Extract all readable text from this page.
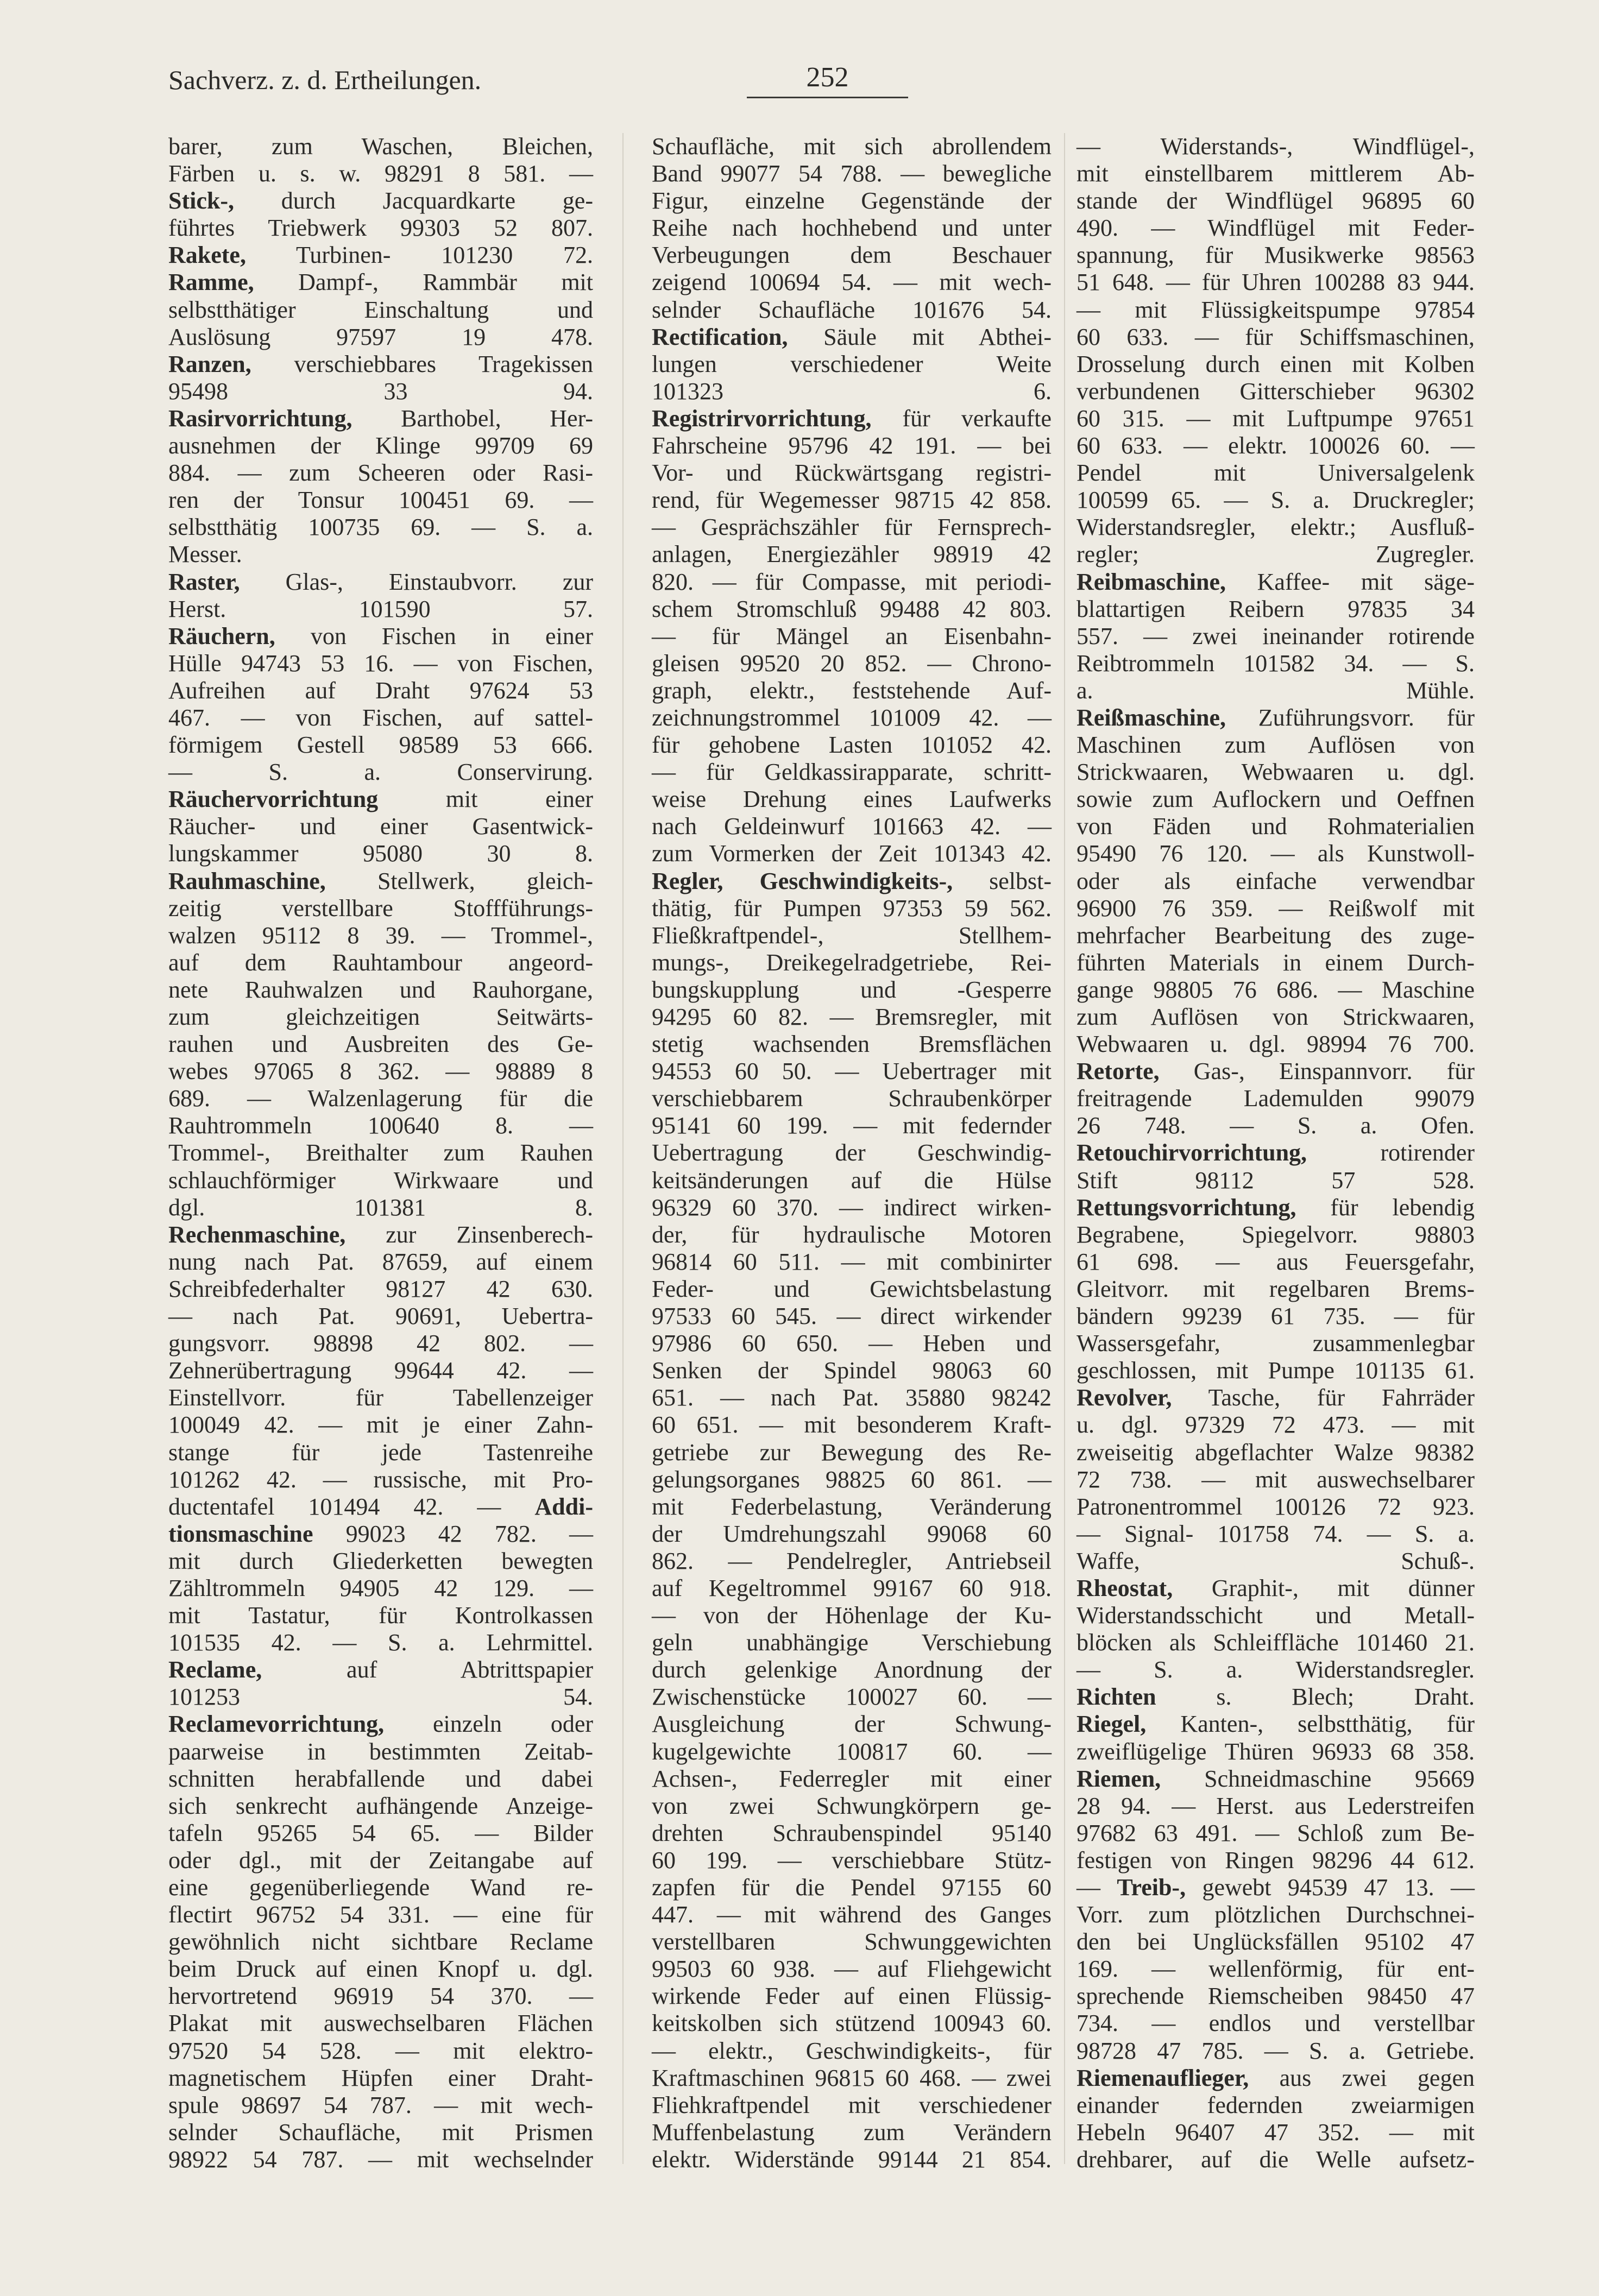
Sachverz. z. d. Ertheilungen.	252
barer, zum Waschen, Bleichen,
Färben u. s. w. 98291 8 581. —
Stick-, durch Jacquardkarte ge-
führtes Triebwerk 99303 52 807.
Rakete, Turbinen- 101230 72.
Ramme, Dampf-, Rammbär mit
selbstthätiger Einschaltung und
Auslösung 97597 19 478.
Ranzen, verschiebbares Tragekissen
95498 33 94.
Rasirvorrichtung, Barthobel, Her-
ausnehmen der Klinge 99709 69
884. — zum Scheeren oder Rasi-
ren der Tonsur 100451 69. —
selbstthätig 100735 69. — S. a.
Messer.
Raster, Glas-, Einstaubvorr. zur
Herst. 101590 57.
Räuchern, von Fischen in einer
Hülle 94743 53 16. — von Fischen,
Aufreihen auf Draht 97624 53
467. — von Fischen, auf sattel-
förmigem Gestell 98589 53 666.
— S. a. Conservirung.
Räuchervorrichtung mit einer
Räucher- und einer Gasentwick-
lungskammer 95080 30 8.
Rauhmaschine, Stellwerk, gleich-
zeitig verstellbare Stoffführungs-
walzen 95112 8 39. — Trommel-,
auf dem Rauhtambour angeord-
nete Rauhwalzen und Rauhorgane,
zum gleichzeitigen Seitwärts-
rauhen und Ausbreiten des Ge-
webes 97065 8 362. — 98889 8
689. — Walzenlagerung für die
Rauhtrommeln 100640 8. —
Trommel-, Breithalter zum Rauhen
schlauchförmiger Wirkwaare und
dgl. 101381 8.
Rechenmaschine, zur Zinsenberech-
nung nach Pat. 87659, auf einem
Schreibfederhalter 98127 42 630.
— nach Pat. 90691, Uebertra-
gungsvorr. 98898 42 802. —
Zehnerübertragung 99644 42. —
Einstellvorr. für Tabellenzeiger
100049 42. — mit je einer Zahn-
stange für jede Tastenreihe
101262 42. — russische, mit Pro-
ductentafel 101494 42. — Addi-
tionsmaschine 99023 42 782. —
mit durch Gliederketten bewegten
Zähltrommeln 94905 42 129. —
mit Tastatur, für Kontrolkassen
101535 42. — S. a. Lehrmittel.
Reclame, auf Abtrittspapier
101253 54.
Reclamevorrichtung, einzeln oder
paarweise in bestimmten Zeitab-
schnitten herabfallende und dabei
sich senkrecht aufhängende Anzeige-
tafeln 95265 54 65. — Bilder
oder dgl., mit der Zeitangabe auf
eine gegenüberliegende Wand re-
flectirt 96752 54 331. — eine für
gewöhnlich nicht sichtbare Reclame
beim Druck auf einen Knopf u. dgl.
hervortretend 96919 54 370. —
Plakat mit auswechselbaren Flächen
97520 54 528. — mit elektro-
magnetischem Hüpfen einer Draht-
spule 98697 54 787. — mit wech-
selnder Schaufläche, mit Prismen
98922 54 787. — mit wechselnder
Schaufläche, mit sich abrollendem
Band 99077 54 788. — bewegliche
Figur, einzelne Gegenstände der
Reihe nach hochhebend und unter
Verbeugungen dem Beschauer
zeigend 100694 54. — mit wech-
selnder Schaufläche 101676 54.
Rectification, Säule mit Abthei-
lungen verschiedener Weite
101323 6.
Registrirvorrichtung, für verkaufte
Fahrscheine 95796 42 191. — bei
Vor- und Rückwärtsgang registri-
rend, für Wegemesser 98715 42 858.
— Gesprächszähler für Fernsprech-
anlagen, Energiezähler 98919 42
820. — für Compasse, mit periodi-
schem Stromschluß 99488 42 803.
— für Mängel an Eisenbahn-
gleisen 99520 20 852. — Chrono-
graph, elektr., feststehende Auf-
zeichnungstrommel 101009 42. —
für gehobene Lasten 101052 42.
— für Geldkassirapparate, schritt-
weise Drehung eines Laufwerks
nach Geldeinwurf 101663 42. —
zum Vormerken der Zeit 101343 42.
Regler, Geschwindigkeits-, selbst-
thätig, für Pumpen 97353 59 562.
Fließkraftpendel-, Stellhem-
mungs-, Dreikegelradgetriebe, Rei-
bungskupplung und -Gesperre
94295 60 82. — Bremsregler, mit
stetig wachsenden Bremsflächen
94553 60 50. — Uebertrager mit
verschiebbarem Schraubenkörper
95141 60 199. — mit federnder
Uebertragung der Geschwindig-
keitsänderungen auf die Hülse
96329 60 370. — indirect wirken-
der, für hydraulische Motoren
96814 60 511. — mit combinirter
Feder- und Gewichtsbelastung
97533 60 545. — direct wirkender
97986 60 650. — Heben und
Senken der Spindel 98063 60
651. — nach Pat. 35880 98242
60 651. — mit besonderem Kraft-
getriebe zur Bewegung des Re-
gelungsorganes 98825 60 861. —
mit Federbelastung, Veränderung
der Umdrehungszahl 99068 60
862. — Pendelregler, Antriebseil
auf Kegeltrommel 99167 60 918.
— von der Höhenlage der Ku-
geln unabhängige Verschiebung
durch gelenkige Anordnung der
Zwischenstücke 100027 60. —
Ausgleichung der Schwung-
kugelgewichte 100817 60. —
Achsen-, Federregler mit einer
von zwei Schwungkörpern ge-
drehten Schraubenspindel 95140
60 199. — verschiebbare Stütz-
zapfen für die Pendel 97155 60
447. — mit während des Ganges
verstellbaren Schwunggewichten
99503 60 938. — auf Fliehgewicht
wirkende Feder auf einen Flüssig-
keitskolben sich stützend 100943 60.
— elektr., Geschwindigkeits-, für
Kraftmaschinen 96815 60 468. — zwei
Fliehkraftpendel mit verschiedener
Muffenbelastung zum Verändern
elektr. Widerstände 99144 21 854.
— Widerstands-, Windflügel-,
mit einstellbarem mittlerem Ab-
stande der Windflügel 96895 60
490. — Windflügel mit Feder-
spannung, für Musikwerke 98563
51 648. — für Uhren 100288 83 944.
— mit Flüssigkeitspumpe 97854
60 633. — für Schiffsmaschinen,
Drosselung durch einen mit Kolben
verbundenen Gitterschieber 96302
60 315. — mit Luftpumpe 97651
60 633. — elektr. 100026 60. —
Pendel mit Universalgelenk
100599 65. — S. a. Druckregler;
Widerstandsregler, elektr.; Ausfluß-
regler; Zugregler.
Reibmaschine, Kaffee- mit säge-
blattartigen Reibern 97835 34
557. — zwei ineinander rotirende
Reibtrommeln 101582 34. — S.
a. Mühle.
Reißmaschine, Zuführungsvorr. für
Maschinen zum Auflösen von
Strickwaaren, Webwaaren u. dgl.
sowie zum Auflockern und Oeffnen
von Fäden und Rohmaterialien
95490 76 120. — als Kunstwoll-
oder als einfache verwendbar
96900 76 359. — Reißwolf mit
mehrfacher Bearbeitung des zuge-
führten Materials in einem Durch-
gange 98805 76 686. — Maschine
zum Auflösen von Strickwaaren,
Webwaaren u. dgl. 98994 76 700.
Retorte, Gas-, Einspannvorr. für
freitragende Lademulden 99079
26 748. — S. a. Ofen.
Retouchirvorrichtung, rotirender
Stift 98112 57 528.
Rettungsvorrichtung, für lebendig
Begrabene, Spiegelvorr. 98803
61 698. — aus Feuersgefahr,
Gleitvorr. mit regelbaren Brems-
bändern 99239 61 735. — für
Wassersgefahr, zusammenlegbar
geschlossen, mit Pumpe 101135 61.
Revolver, Tasche, für Fahrräder
u. dgl. 97329 72 473. — mit
zweiseitig abgeflachter Walze 98382
72 738. — mit auswechselbarer
Patronentrommel 100126 72 923.
— Signal- 101758 74. — S. a.
Waffe, Schuß-.
Rheostat, Graphit-, mit dünner
Widerstandsschicht und Metall-
blöcken als Schleiffläche 101460 21.
— S. a. Widerstandsregler.
Richten s. Blech; Draht.
Riegel, Kanten-, selbstthätig, für
zweiflügelige Thüren 96933 68 358.
Riemen, Schneidmaschine 95669
28 94. — Herst. aus Lederstreifen
97682 63 491. — Schloß zum Be-
festigen von Ringen 98296 44 612.
— Treib-, gewebt 94539 47 13. —
Vorr. zum plötzlichen Durchschnei-
den bei Unglücksfällen 95102 47
169. — wellenförmig, für ent-
sprechende Riemscheiben 98450 47
734. — endlos und verstellbar
98728 47 785. — S. a. Getriebe.
Riemenauflieger, aus zwei gegen
einander federnden zweiarmigen
Hebeln 96407 47 352. — mit
drehbarer, auf die Welle aufsetz-
